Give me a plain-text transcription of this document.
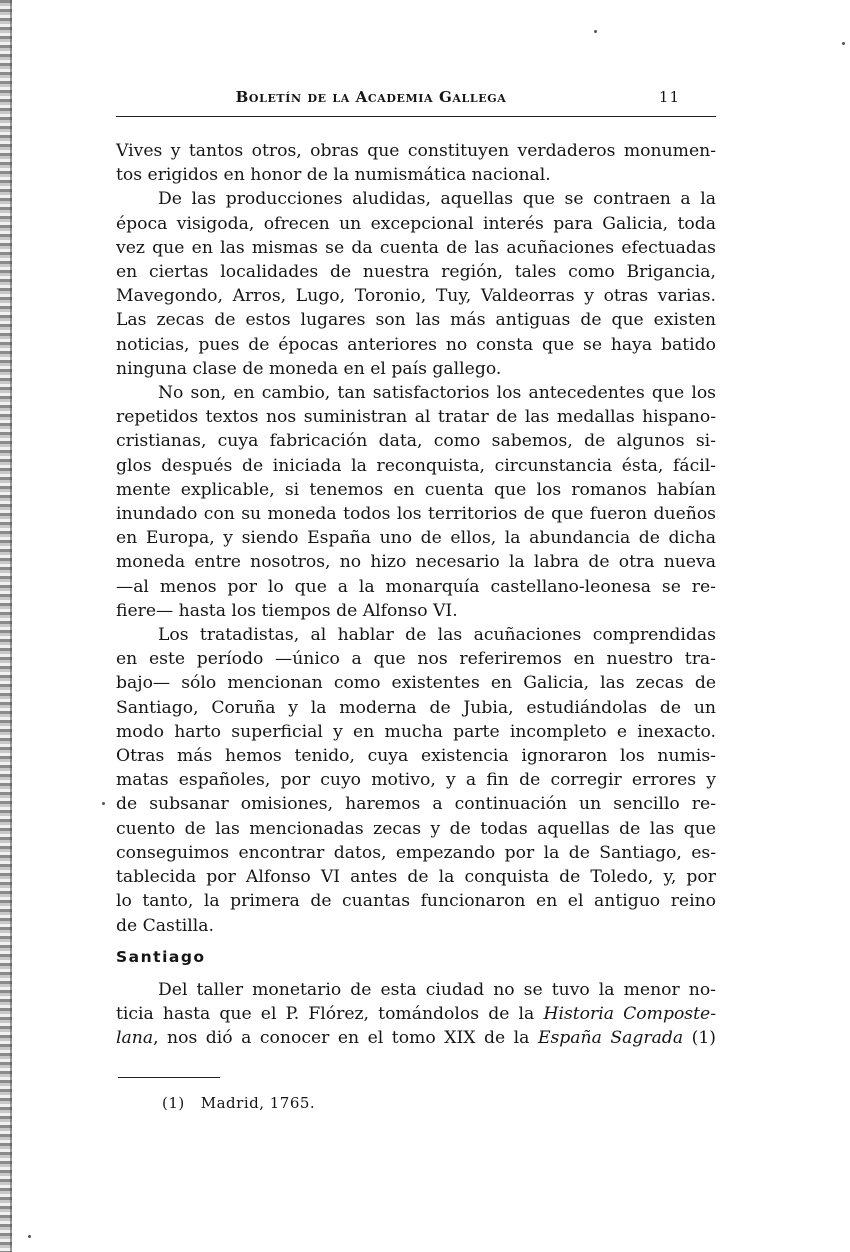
Boletín de la Academia Gallega	11
Vives y tantos otros, obras que constituyen verdaderos monumen-
tos erigidos en honor de la numismática nacional.
De las producciones aludidas, aquellas que se contraen a la
época visigoda, ofrecen un excepcional interés para Galicia, toda
vez que en las mismas se da cuenta de las acuñaciones efectuadas
en ciertas localidades de nuestra región, tales como Brigancia,
Mavegondo, Arros, Lugo, Toronio, Tuy, Valdeorras y otras varias.
Las zecas de estos lugares son las más antiguas de que existen
noticias, pues de épocas anteriores no consta que se haya batido
ninguna clase de moneda en el país gallego.
No son, en cambio, tan satisfactorios los antecedentes que los
repetidos textos nos suministran al tratar de las medallas hispano-
cristianas, cuya fabricación data, como sabemos, de algunos si-
glos después de iniciada la reconquista, circunstancia ésta, fácil-
mente explicable, si tenemos en cuenta que los romanos habían
inundado con su moneda todos los territorios de que fueron dueños
en Europa, y siendo España uno de ellos, la abundancia de dicha
moneda entre nosotros, no hizo necesario la labra de otra nueva
—al menos por lo que a la monarquía castellano-leonesa se re-
fiere— hasta los tiempos de Alfonso VI.
Los tratadistas, al hablar de las acuñaciones comprendidas
en este período —único a que nos referiremos en nuestro tra-
bajo— sólo mencionan como existentes en Galicia, las zecas de
Santiago, Coruña y la moderna de Jubia, estudiándolas de un
modo harto superficial y en mucha parte incompleto e inexacto.
Otras más hemos tenido, cuya existencia ignoraron los numis-
matas españoles, por cuyo motivo, y a fin de corregir errores y
de subsanar omisiones, haremos a continuación un sencillo re-
cuento de las mencionadas zecas y de todas aquellas de las que
conseguimos encontrar datos, empezando por la de Santiago, es-
tablecida por Alfonso VI antes de la conquista de Toledo, y, por
lo tanto, la primera de cuantas funcionaron en el antiguo reino
de Castilla.
Santiago
Del taller monetario de esta ciudad no se tuvo la menor no-
ticia hasta que el P. Flórez, tomándolos de la Historia Composte-
lana, nos dió a conocer en el tomo XIX de la España Sagrada (1)
(1) Madrid, 1765.
